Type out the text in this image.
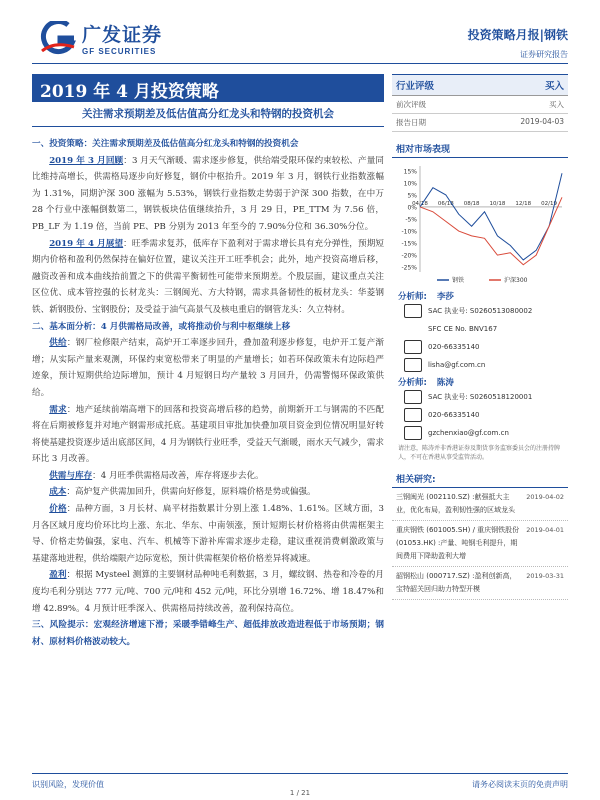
广发证券
GF SECURITIES
投资策略月报|钢铁
证券研究报告
2019 年 4 月投资策略
关注需求预期差及低估值高分红龙头和特钢的投资机会

一、投资策略：关注需求预期差及低估值高分红龙头和特钢的投资机会

2019 年 3 月回顾：3 月天气渐暖、需求逐步修复，供给端受限环保约束较松、产量同比维持高增长，供需格局逐步向好修复，钢价中枢抬升。2019 年 3 月，钢铁行业指数涨幅为 1.31%，同期沪深 300 涨幅为 5.53%，钢铁行业指数走势弱于沪深 300 指数，在中万 28 个行业中涨幅倒数第二，钢铁板块估值继续抬升，3 月 29 日，PE_TTM 为 7.56 倍，PB_LF 为 1.19 倍，当前 PE、PB 分别为 2013 年至今的 7.90%分位和 36.30%分位。

2019 年 4 月展望：旺季需求复苏，低库存下盈利对于需求增长具有充分弹性，预期短期内价格和盈利仍然保持在偏好位置，建议关注开工旺季机会；此外，地产投资高增后移，融资改善和成本曲线抬前置之下的供需平衡韧性可能带来预期差。个股层面，建议重点关注区位优、成本管控强的长材龙头：三钢闽光、方大特钢，需求具备韧性的板材龙头：华菱钢铁、新钢股份、宝钢股份；及受益于油气高景气及核电重启的钢管龙头：久立特材。

二、基本面分析：4 月供需格局改善，或将推动价与利中枢继续上移

供给：钢厂检修限产结束，高炉开工率逐步回升，叠加盈利逐步修复，电炉开工复产渐增；从实际产量来观测，环保约束宽松带来了明显的产量增长；如若环保政策未有边际趋严迹象，预计短期供给边际增加，预计 4 月短钢日均产量较 3 月回升，仍需警惕环保政策供给。

需求：地产延续前端高增下的回落和投资高增后移的趋势，前期新开工与钢需的不匹配将在后期被修复并对地产钢需形成托底。基建项目审批加快叠加项目资金到位情况明显好转将使基建投资逐步适出底部区间，4 月为钢铁行业旺季，受益天气渐暖，雨水天气减少，需求环比 3 月改善。

供需与库存：4 月旺季供需格局改善，库存将逐步去化。

成本：高炉复产供需加回升，供需向好修复，原料端价格是势或偏强。

价格：品种方面，3 月长材、扁平材指数累计分别上涨 1.48%、1.61%。区域方面，3 月各区域月度均价环比均上涨、东北、华东、中南领涨，预计短期长材价格将由供需框架主导、价格走势偏强，家电、汽车、机械等下游补库需求逐步走稳，建议重视消费刺激政策与基建落地进程，供给端限产边际宽松，预计供需框架价格价格差异将减速。

盈利：根据 Mysteel 测算的主要钢材品种吨毛利数据，3 月，螺纹钢、热卷和冷卷的月度均毛利分别达 777 元/吨、700 元/吨和 452 元/吨，环比分别增 16.72%、增 18.47%和增 42.89%。4 月预计旺季深入、供需格局持续改善，盈利保持高位。

三、风险提示：宏观经济增速下滑；采暖季错峰生产、超低排放改造进程低于市场预期；钢材、原材料价格波动较大。

行业评级	买入
前次评级	买入
报告日期	2019-04-03
相对市场表现
15%
10%
5%
0%
-5%
-10%
-15%
-20%
-25%
04/18 06/18 08/18 10/18 12/18 02/19
钢铁	沪深300
分析师: 李莎
SAC 执业号: S0260513080002
SFC CE No. BNV167
020-66335140
lisha@gf.com.cn
分析师: 陈涛
SAC 执业号: S0260518120001
020-66335140
gzchenxiao@gf.com.cn
请注意，陈涛并非香港证券及期货事务监察委员会的注册持牌人，不可在香港从事受监管活动。
相关研究:
三钢闽光 (002110.SZ) :献强抵大主业，优化布局，盈利韧性强的区域龙头
2019-04-02
重庆钢铁 (601005.SH) / 重庆钢铁股份 (01053.HK) :产量、吨钢毛利提升，期间费用下降助盈利大增
2019-04-01
韶钢松山 (000717.SZ) :盈利创新高，宝特韶关回归助力特型开模
2019-03-31
识别风险，发现价值	请务必阅读末页的免责声明
1 / 21
